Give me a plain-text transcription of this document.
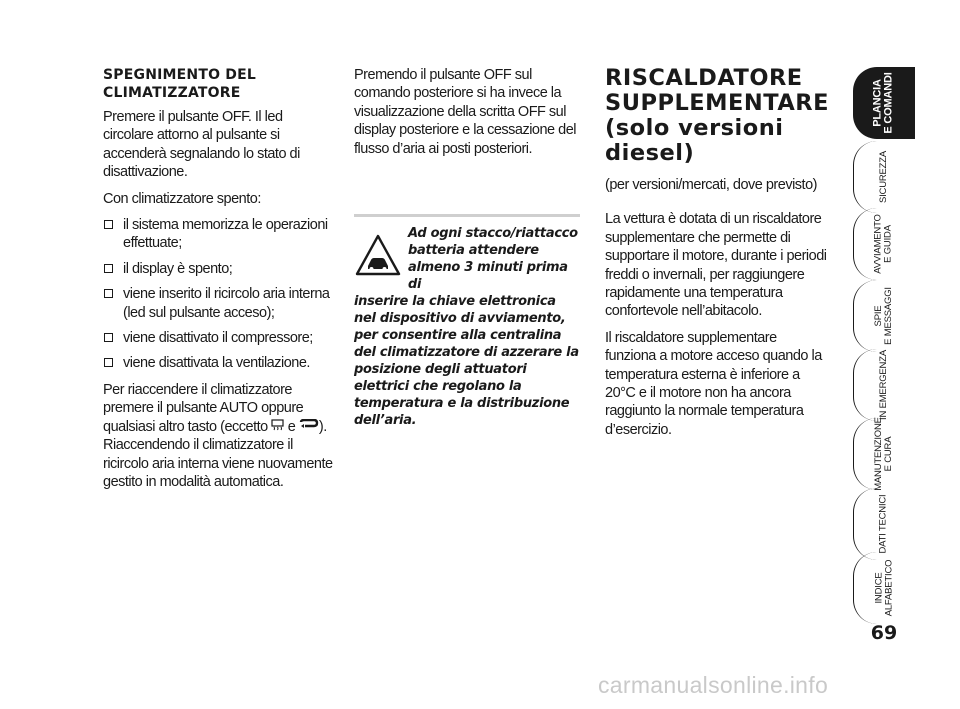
SPEGNIMENTO DEL CLIMATIZZATORE

Premere il pulsante OFF. Il led circolare attorno al pulsante si accenderà segnalando lo stato di disattivazione.

Con climatizzatore spento:

il sistema memorizza le operazioni effettuate;
il display è spento;
viene inserito il ricircolo aria interna (led sul pulsante acceso);
viene disattivato il compressore;
viene disattivata la ventilazione.

Per riaccendere il climatizzatore premere il pulsante AUTO oppure qualsiasi altro tasto (eccetto  e ). Riaccendendo il climatizzatore il ricircolo aria interna viene nuovamente gestito in modalità automatica.

Premendo il pulsante OFF sul comando posteriore si ha invece la visualizzazione della scritta OFF sul display posteriore e la cessazione del flusso d’aria ai posti posteriori.

Ad ogni stacco/riattacco batteria attendere almeno 3 minuti prima di
inserire la chiave elettronica nel dispositivo di avviamento, per consentire alla centralina del climatizzatore di azzerare la posizione degli attuatori elettrici che regolano la temperatura e la distribuzione dell’aria.
RISCALDATORE
SUPPLEMENTARE
(solo versioni
diesel)

(per versioni/mercati, dove previsto)

La vettura è dotata di un riscaldatore supplementare che permette di supportare il motore, durante i periodi freddi o invernali, per raggiungere rapidamente una temperatura confortevole nell’abitacolo.

Il riscaldatore supplementare funziona a motore acceso quando la temperatura esterna è inferiore a 20°C e il motore non ha ancora raggiunto la normale temperatura d’esercizio.

PLANCIA
E COMANDI
SICUREZZA
AVVIAMENTO
E GUIDA
SPIE
E MESSAGGI
IN EMERGENZA
MANUTENZIONE
E CURA
DATI TECNICI
INDICE
ALFABETICO
69
carmanualsonline.info
